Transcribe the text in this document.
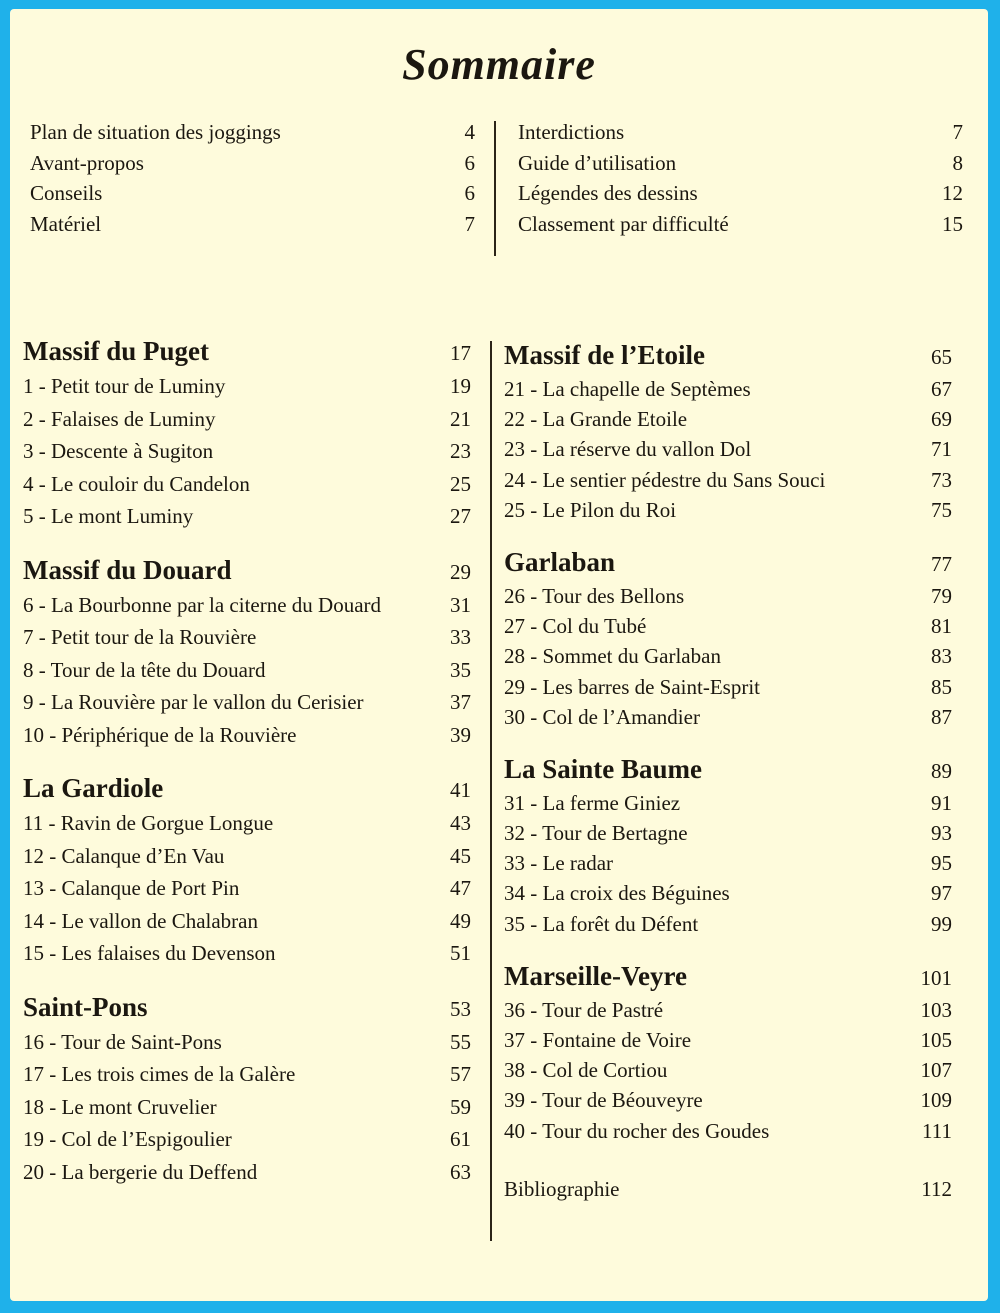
Sommaire
Plan de situation des joggings	4
Avant-propos	6
Conseils	6
Matériel	7
Interdictions	7
Guide d’utilisation	8
Légendes des dessins	12
Classement par difficulté	15
Massif du Puget	17
1 - Petit tour de Luminy	19
2 - Falaises de Luminy	21
3 - Descente à Sugiton	23
4 - Le couloir du Candelon	25
5 - Le mont Luminy	27
Massif du Douard	29
6 - La Bourbonne par la citerne du Douard	31
7 - Petit tour de la Rouvière	33
8 - Tour de la tête du Douard	35
9 - La Rouvière par le vallon du Cerisier	37
10 - Périphérique de la Rouvière	39
La Gardiole	41
11 - Ravin de Gorgue Longue	43
12 - Calanque d’En Vau	45
13 - Calanque de Port Pin	47
14 - Le vallon de Chalabran	49
15 - Les falaises du Devenson	51
Saint-Pons	53
16 - Tour de Saint-Pons	55
17 - Les trois cimes de la Galère	57
18 - Le mont Cruvelier	59
19 - Col de l’Espigoulier	61
20 - La bergerie du Deffend	63
Massif de l’Etoile	65
21 - La chapelle de Septèmes	67
22 - La Grande Etoile	69
23 - La réserve du vallon Dol	71
24 - Le sentier pédestre du Sans Souci	73
25 - Le Pilon du Roi	75
Garlaban	77
26 - Tour des Bellons	79
27 - Col du Tubé	81
28 - Sommet du Garlaban	83
29 - Les barres de Saint-Esprit	85
30 - Col de l’Amandier	87
La Sainte Baume	89
31 - La ferme Giniez	91
32 - Tour de Bertagne	93
33 - Le radar	95
34 - La croix des Béguines	97
35 - La forêt du Défent	99
Marseille-Veyre	101
36 - Tour de Pastré	103
37 - Fontaine de Voire	105
38 - Col de Cortiou	107
39 - Tour de Béouveyre	109
40 - Tour du rocher des Goudes	111
Bibliographie	112
